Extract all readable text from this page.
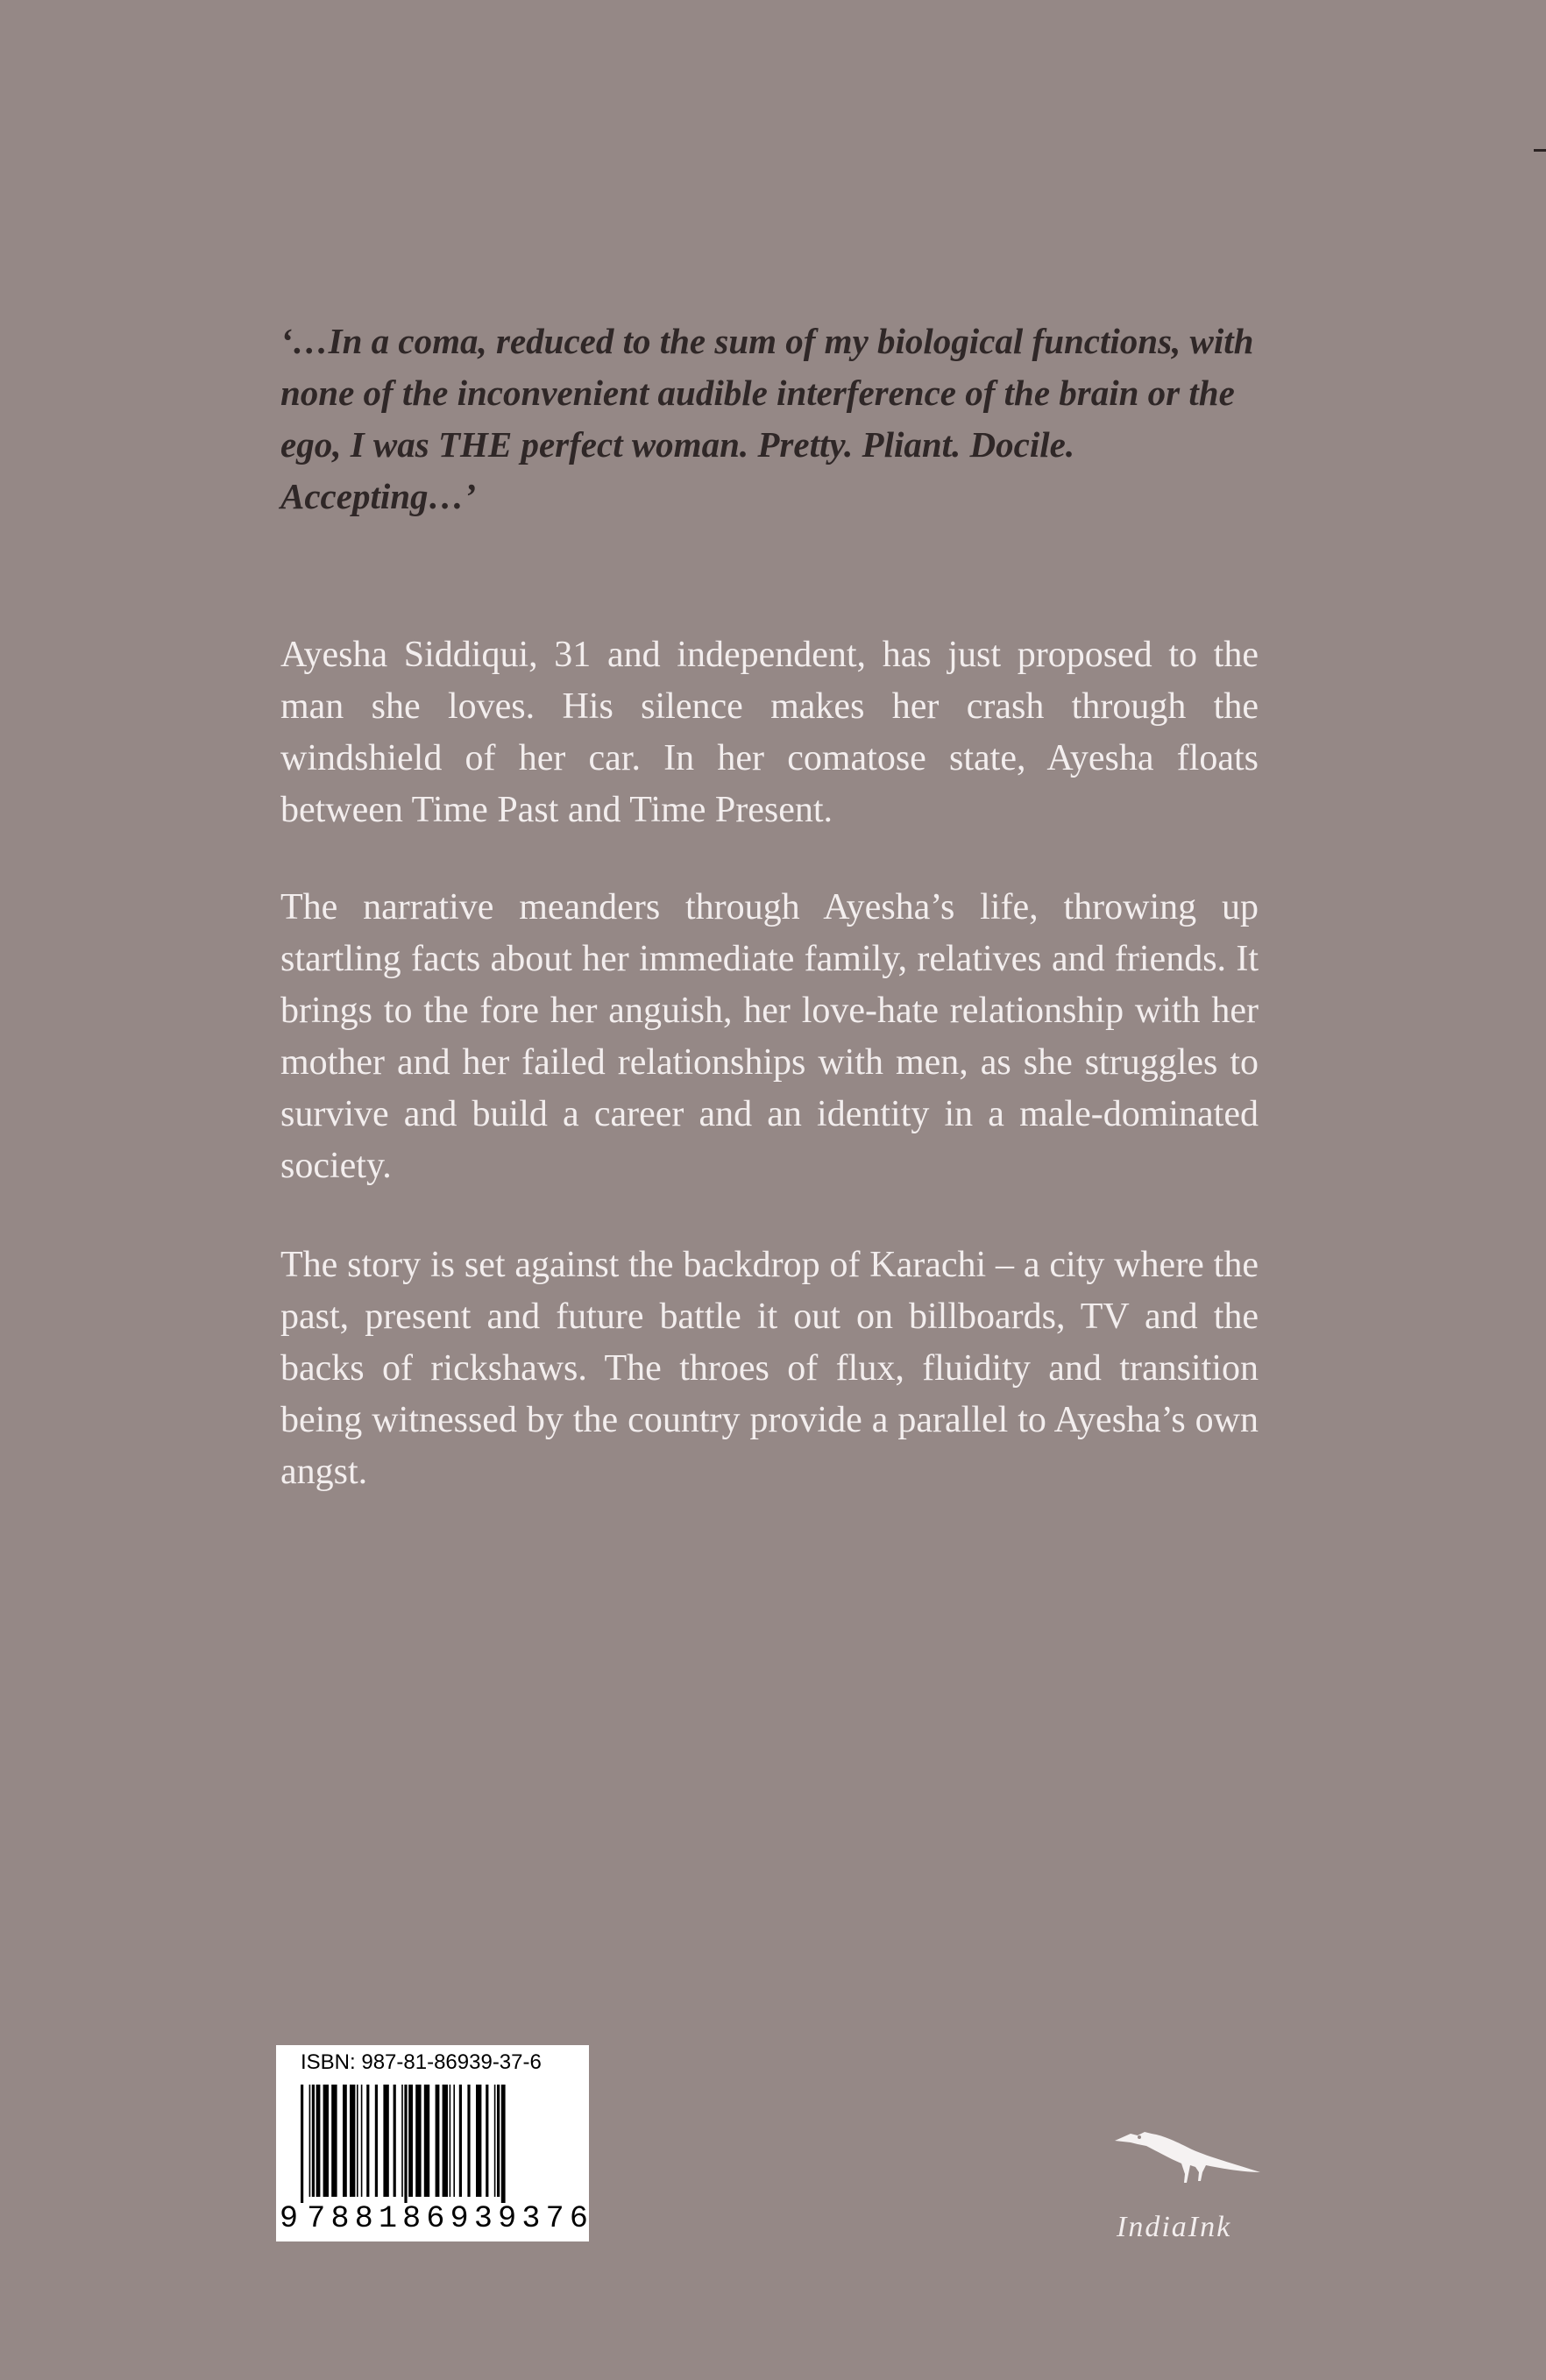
‘…In a coma, reduced to the sum of my biological functions, with none of the inconvenient audible interference of the brain or the ego, I was THE perfect woman. Pretty. Pliant. Docile. Accepting…’

Ayesha Siddiqui, 31 and independent, has just proposed to the man she loves. His silence makes her crash through the windshield of her car. In her comatose state, Ayesha floats between Time Past and Time Present.

The narrative meanders through Ayesha’s life, throwing up startling facts about her immediate family, relatives and friends. It brings to the fore her anguish, her love-hate relationship with her mother and her failed relationships with men, as she struggles to survive and build a career and an identity in a male-dominated society.

The story is set against the backdrop of Karachi – a city where the past, present and future battle it out on billboards, TV and the backs of rickshaws. The throes of flux, fluidity and transition being witnessed by the country provide a parallel to Ayesha’s own angst.

ISBN: 987-81-86939-37-6
9 7 8 8 1 8 6 9 3 9 3 7 6	IndiaInk
